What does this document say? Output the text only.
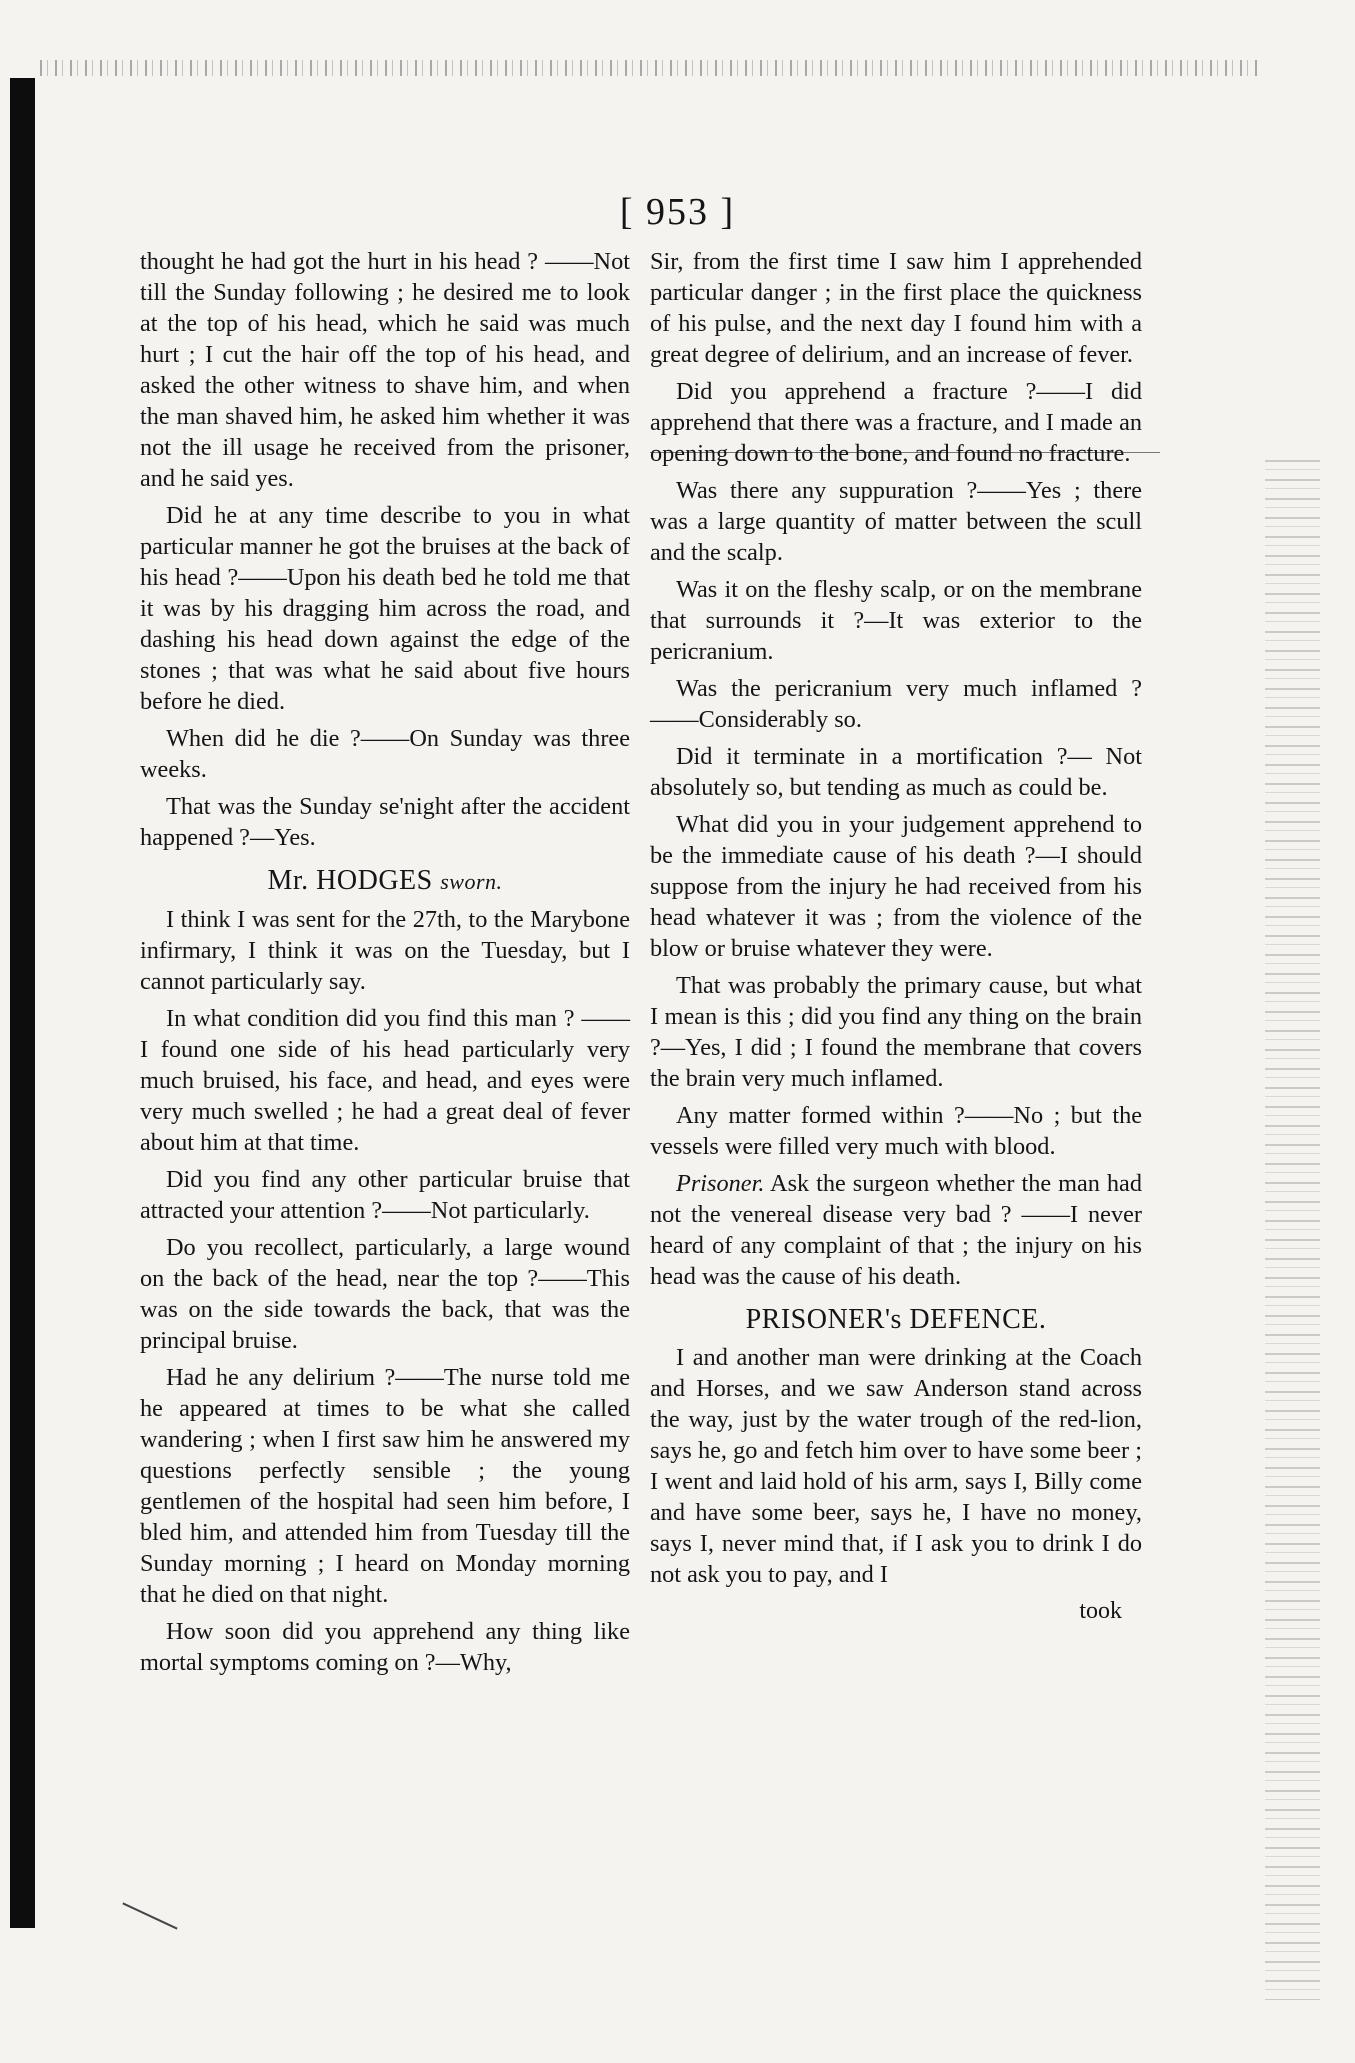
[ 953 ]

thought he had got the hurt in his head ? ——Not till the Sunday following ; he desired me to look at the top of his head, which he said was much hurt ; I cut the hair off the top of his head, and asked the other witness to shave him, and when the man shaved him, he asked him whether it was not the ill usage he received from the prisoner, and he said yes.

Did he at any time describe to you in what particular manner he got the bruises at the back of his head ?——Upon his death bed he told me that it was by his dragging him across the road, and dashing his head down against the edge of the stones ; that was what he said about five hours before he died.

When did he die ?——On Sunday was three weeks.

That was the Sunday se'night after the accident happened ?—Yes.

Mr. HODGES sworn.

I think I was sent for the 27th, to the Marybone infirmary, I think it was on the Tuesday, but I cannot particularly say.

In what condition did you find this man ? ——I found one side of his head particularly very much bruised, his face, and head, and eyes were very much swelled ; he had a great deal of fever about him at that time.

Did you find any other particular bruise that attracted your attention ?——Not particularly.

Do you recollect, particularly, a large wound on the back of the head, near the top ?——This was on the side towards the back, that was the principal bruise.

Had he any delirium ?——The nurse told me he appeared at times to be what she called wandering ; when I first saw him he answered my questions perfectly sensible ; the young gentlemen of the hospital had seen him before, I bled him, and attended him from Tuesday till the Sunday morning ; I heard on Monday morning that he died on that night.

How soon did you apprehend any thing like mortal symptoms coming on ?—Why,

Sir, from the first time I saw him I apprehended particular danger ; in the first place the quickness of his pulse, and the next day I found him with a great degree of delirium, and an increase of fever.

Did you apprehend a fracture ?——I did apprehend that there was a fracture, and I made an opening down to the bone, and found no fracture.

Was there any suppuration ?——Yes ; there was a large quantity of matter between the scull and the scalp.

Was it on the fleshy scalp, or on the membrane that surrounds it ?—It was exterior to the pericranium.

Was the pericranium very much inflamed ?——Considerably so.

Did it terminate in a mortification ?— Not absolutely so, but tending as much as could be.

What did you in your judgement apprehend to be the immediate cause of his death ?—I should suppose from the injury he had received from his head whatever it was ; from the violence of the blow or bruise whatever they were.

That was probably the primary cause, but what I mean is this ; did you find any thing on the brain ?—Yes, I did ; I found the membrane that covers the brain very much inflamed.

Any matter formed within ?——No ; but the vessels were filled very much with blood.

Prisoner. Ask the surgeon whether the man had not the venereal disease very bad ? ——I never heard of any complaint of that ; the injury on his head was the cause of his death.

PRISONER's DEFENCE.

I and another man were drinking at the Coach and Horses, and we saw Anderson stand across the way, just by the water trough of the red-lion, says he, go and fetch him over to have some beer ; I went and laid hold of his arm, says I, Billy come and have some beer, says he, I have no money, says I, never mind that, if I ask you to drink I do not ask you to pay, and I

took
